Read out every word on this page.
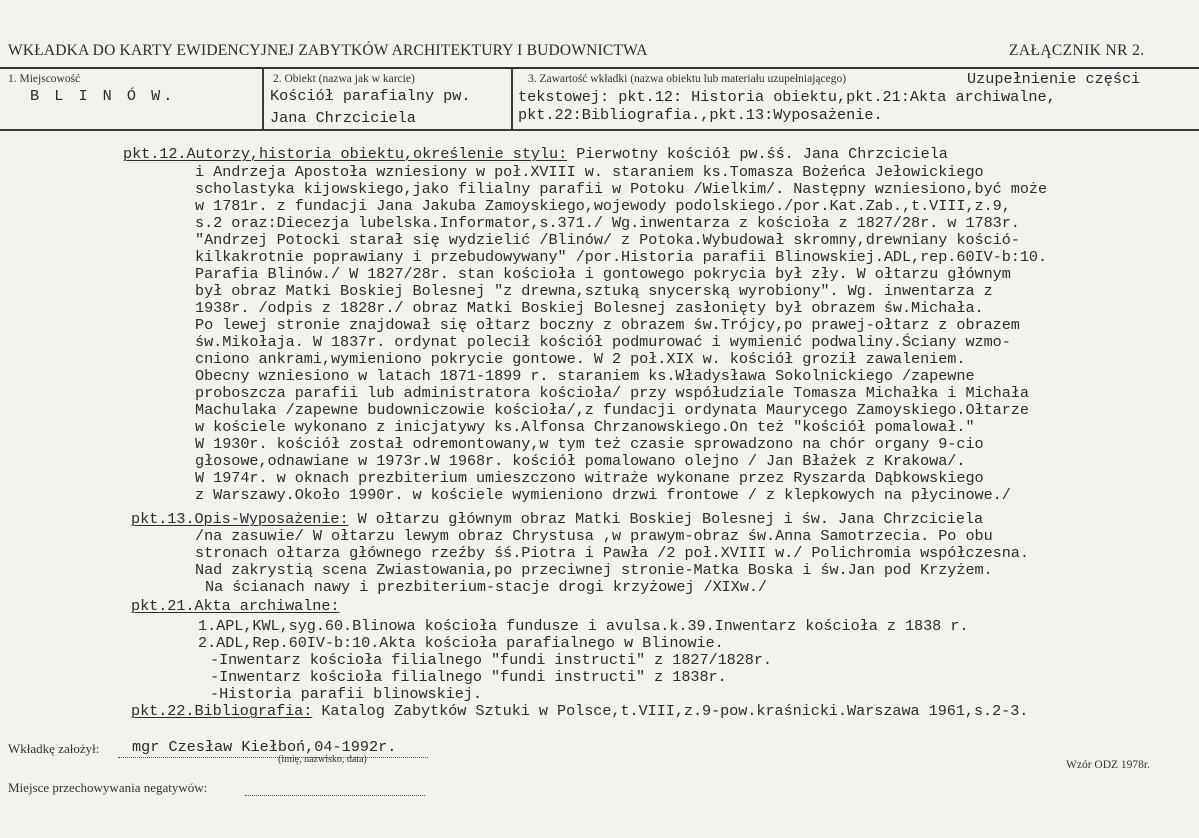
WKŁADKA DO KARTY EWIDENCYJNEJ ZABYTKÓW ARCHITEKTURY I BUDOWNICTWA	ZAŁĄCZNIK NR 2.
1. Miejscowość
B L I N Ó W.
2. Obiekt (nazwa jak w karcie)
Kościół parafialny pw.
Jana Chrzciciela
3. Zawartość wkładki (nazwa obiektu lub materiału uzupełniającego)	Uzupełnienie części
tekstowej: pkt.12: Historia obiektu,pkt.21:Akta archiwalne,
pkt.22:Bibliografia.,pkt.13:Wyposażenie.
pkt.12.Autorzy,historia obiektu,określenie stylu: Pierwotny kościół pw.śś. Jana Chrzciciela
i Andrzeja Apostoła wzniesiony w poł.XVIII w. staraniem ks.Tomasza Bożeńca Jełowickiego
scholastyka kijowskiego,jako filialny parafii w Potoku /Wielkim/. Następny wzniesiono,być może
w 1781r. z fundacji Jana Jakuba Zamoyskiego,wojewody podolskiego./por.Kat.Zab.,t.VIII,z.9,
s.2 oraz:Diecezja lubelska.Informator,s.371./ Wg.inwentarza z kościoła z 1827/28r. w 1783r.
"Andrzej Potocki starał się wydzielić /Blinów/ z Potoka.Wybudował skromny,drewniany kośció-
kilkakrotnie poprawiany i przebudowywany" /por.Historia parafii Blinowskiej.ADL,rep.60IV-b:10.
Parafia Blinów./ W 1827/28r. stan kościoła i gontowego pokrycia był zły. W ołtarzu głównym
był obraz Matki Boskiej Bolesnej "z drewna,sztuką snycerską wyrobiony". Wg. inwentarza z
1938r. /odpis z 1828r./ obraz Matki Boskiej Bolesnej zasłonięty był obrazem św.Michała.
Po lewej stronie znajdował się ołtarz boczny z obrazem św.Trójcy,po prawej-ołtarz z obrazem
św.Mikołaja. W 1837r. ordynat polecił kościół podmurować i wymienić podwaliny.Ściany wzmo-
cniono ankrami,wymieniono pokrycie gontowe. W 2 poł.XIX w. kościół groził zawaleniem.
Obecny wzniesiono w latach 1871-1899 r. staraniem ks.Władysława Sokolnickiego /zapewne
proboszcza parafii lub administratora kościoła/ przy współudziale Tomasza Michałka i Michała
Machulaka /zapewne budowniczowie kościoła/,z fundacji ordynata Maurycego Zamoyskiego.Ołtarze
w kościele wykonano z inicjatywy ks.Alfonsa Chrzanowskiego.On też "kościół pomalował."
W 1930r. kościół został odremontowany,w tym też czasie sprowadzono na chór organy 9-cio
głosowe,odnawiane w 1973r.W 1968r. kościół pomalowano olejno / Jan Błażek z Krakowa/.
W 1974r. w oknach prezbiterium umieszczono witraże wykonane przez Ryszarda Dąbkowskiego
z Warszawy.Około 1990r. w kościele wymieniono drzwi frontowe / z klepkowych na płycinowe./
pkt.13.Opis-Wyposażenie: W ołtarzu głównym obraz Matki Boskiej Bolesnej i św. Jana Chrzciciela
/na zasuwie/ W ołtarzu lewym obraz Chrystusa ,w prawym-obraz św.Anna Samotrzecia. Po obu
stronach ołtarza głównego rzeźby śś.Piotra i Pawła /2 poł.XVIII w./ Polichromia współczesna.
Nad zakrystią scena Zwiastowania,po przeciwnej stronie-Matka Boska i św.Jan pod Krzyżem.
Na ścianach nawy i prezbiterium-stacje drogi krzyżowej /XIXw./
pkt.21.Akta archiwalne:
1.APL,KWL,syg.60.Blinowa kościoła fundusze i avulsa.k.39.Inwentarz kościoła z 1838 r.
2.ADL,Rep.60IV-b:10.Akta kościoła parafialnego w Blinowie.
-Inwentarz kościoła filialnego "fundi instructi" z 1827/1828r.
-Inwentarz kościoła filialnego "fundi instructi" z 1838r.
-Historia parafii blinowskiej.
pkt.22.Bibliografia: Katalog Zabytków Sztuki w Polsce,t.VIII,z.9-pow.kraśnicki.Warszawa 1961,s.2-3.
Wkładkę założył: mgr Czesław Kiełboń,04-1992r.
(imię, nazwisko, data)	Wzór ODZ 1978r.
Miejsce przechowywania negatywów:
